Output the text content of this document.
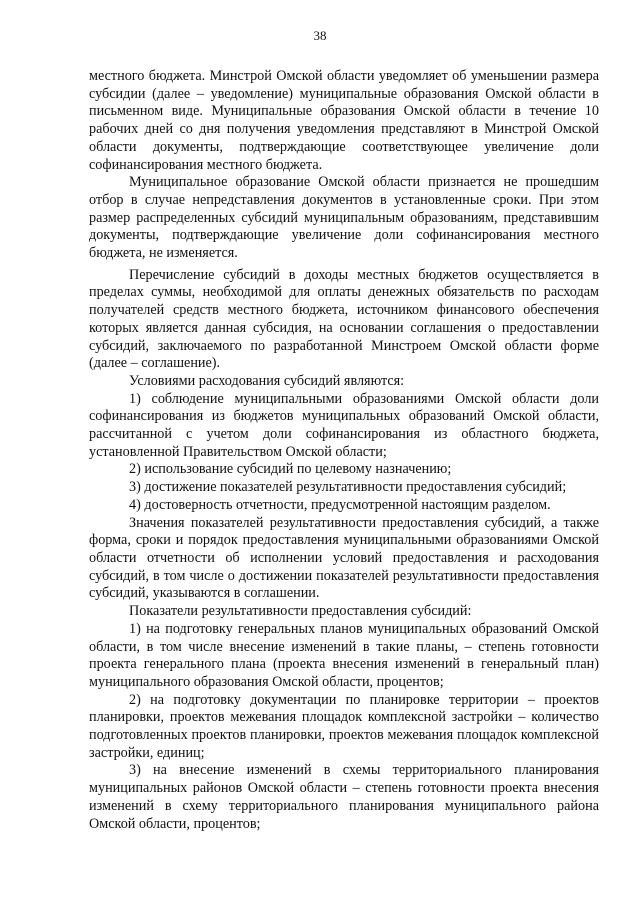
38

местного бюджета. Минстрой Омской области уведомляет об уменьшении размера субсидии (далее – уведомление) муниципальные образования Омской области в письменном виде. Муниципальные образования Омской области в течение 10 рабочих дней со дня получения уведомления представляют в Минстрой Омской области документы, подтверждающие соответствующее увеличение доли софинансирования местного бюджета.

Муниципальное образование Омской области признается не прошедшим отбор в случае непредставления документов в установленные сроки. При этом размер распределенных субсидий муниципальным образованиям, представившим документы, подтверждающие увеличение доли софинансирования местного бюджета, не изменяется.

Перечисление субсидий в доходы местных бюджетов осуществляется в пределах суммы, необходимой для оплаты денежных обязательств по расходам получателей средств местного бюджета, источником финансового обеспечения которых является данная субсидия, на основании соглашения о предоставлении субсидий, заключаемого по разработанной Минстроем Омской области форме (далее – соглашение).

Условиями расходования субсидий являются:

1) соблюдение муниципальными образованиями Омской области доли софинансирования из бюджетов муниципальных образований Омской области, рассчитанной с учетом доли софинансирования из областного бюджета, установленной Правительством Омской области;

2) использование субсидий по целевому назначению;

3) достижение показателей результативности предоставления субсидий;

4) достоверность отчетности, предусмотренной настоящим разделом.

Значения показателей результативности предоставления субсидий, а также форма, сроки и порядок предоставления муниципальными образованиями Омской области отчетности об исполнении условий предоставления и расходования субсидий, в том числе о достижении показателей результативности предоставления субсидий, указываются в соглашении.

Показатели результативности предоставления субсидий:

1) на подготовку генеральных планов муниципальных образований Омской области, в том числе внесение изменений в такие планы, – степень готовности проекта генерального плана (проекта внесения изменений в генеральный план) муниципального образования Омской области, процентов;

2) на подготовку документации по планировке территории – проектов планировки, проектов межевания площадок комплексной застройки – количество подготовленных проектов планировки, проектов межевания площадок комплексной застройки, единиц;

3) на внесение изменений в схемы территориального планирования муниципальных районов Омской области – степень готовности проекта внесения изменений в схему территориального планирования муниципального района Омской области, процентов;
